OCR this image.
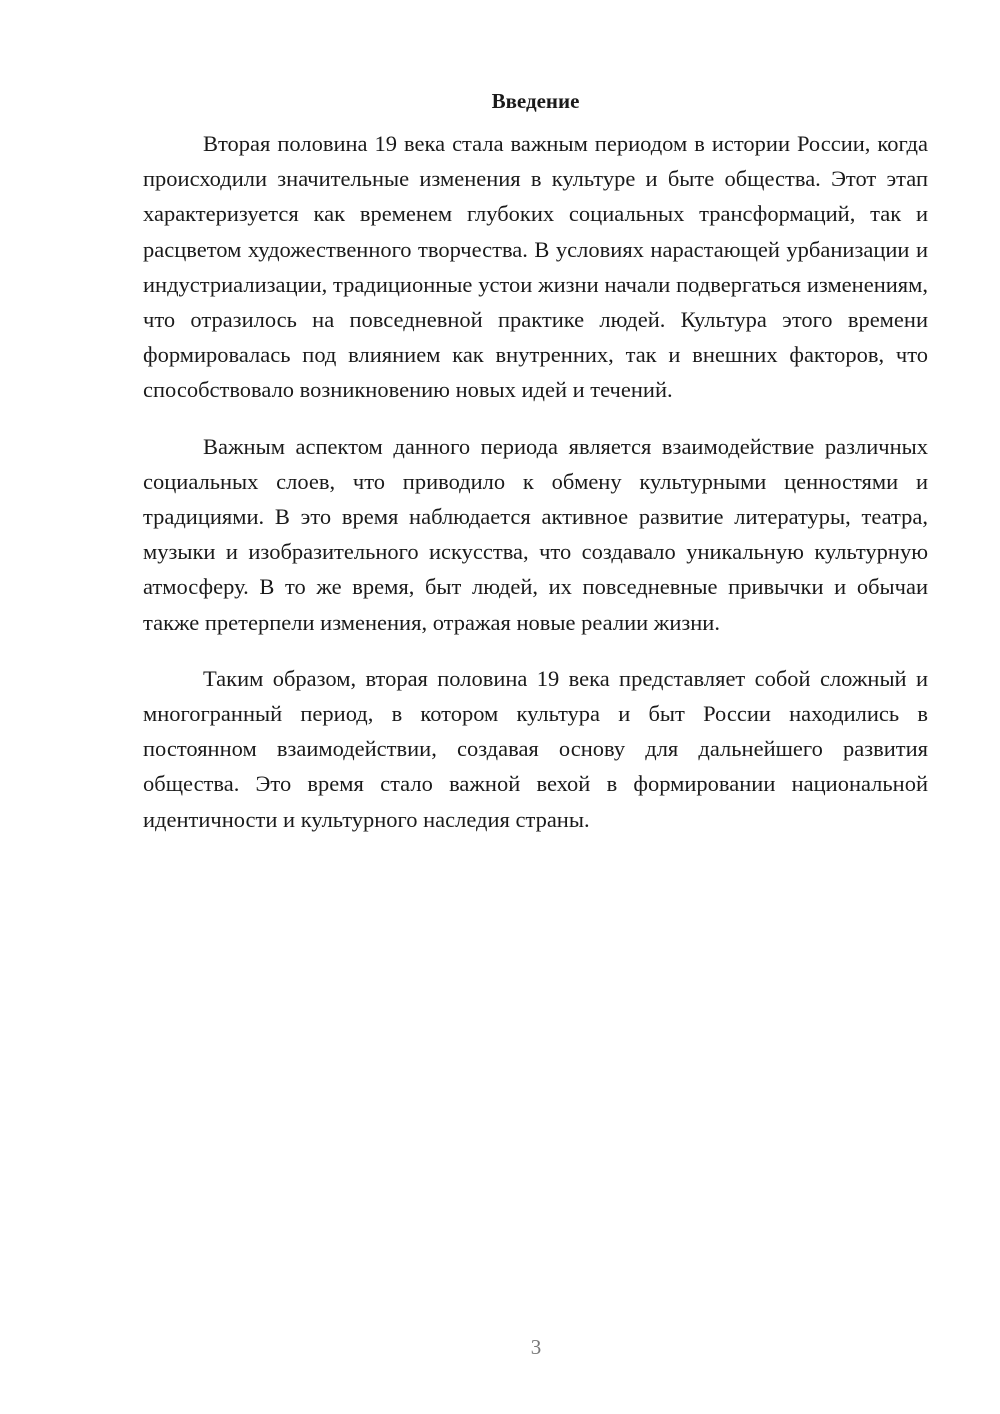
Введение

Вторая половина 19 века стала важным периодом в истории России, когда происходили значительные изменения в культуре и быте общества. Этот этап характеризуется как временем глубоких социальных трансформаций, так и расцветом художественного творчества. В условиях нарастающей урбанизации и индустриализации, традиционные устои жизни начали подвергаться изменениям, что отразилось на повседневной практике людей. Культура этого времени формировалась под влиянием как внутренних, так и внешних факторов, что способствовало возникновению новых идей и течений.

Важным аспектом данного периода является взаимодействие различных социальных слоев, что приводило к обмену культурными ценностями и традициями. В это время наблюдается активное развитие литературы, театра, музыки и изобразительного искусства, что создавало уникальную культурную атмосферу. В то же время, быт людей, их повседневные привычки и обычаи также претерпели изменения, отражая новые реалии жизни.

Таким образом, вторая половина 19 века представляет собой сложный и многогранный период, в котором культура и быт России находились в постоянном взаимодействии, создавая основу для дальнейшего развития общества. Это время стало важной вехой в формировании национальной идентичности и культурного наследия страны.

3
